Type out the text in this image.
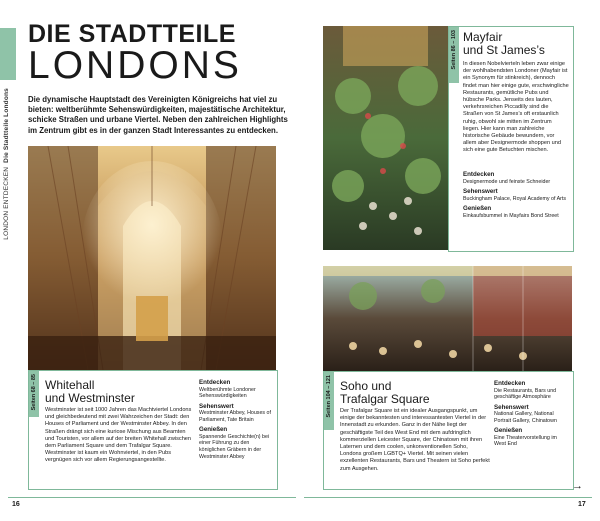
LONDON ENTDECKEN  Die Stadtteile Londons
DIE STADTTEILE
LONDONS
Die dynamische Hauptstadt des Vereinigten Königreichs hat viel zu bieten: weltberühmte Sehenswürdigkeiten, majestätische Architektur, schicke Straßen und urbane Viertel. Neben den zahlreichen Highlights im Zentrum gibt es in der ganzen Stadt Interessantes zu entdecken.
Seiten 68 – 85 Whitehall
und Westminster
Westminster ist seit 1000 Jahren das Machtviertel Londons und gleichbedeutend mit zwei Wahrzeichen der Stadt: den Houses of Parliament und der Westminster Abbey. In den Straßen drängt sich eine kuriose Mischung aus Beamten und Touristen, vor allem auf der breiten Whitehall zwischen dem Parliament Square und dem Trafalgar Square. Westminster ist kaum ein Wohnviertel, in den Pubs vergnügen sich vor allem Regierungsangestellte.
Entdecken

Weltberühmte Londoner Sehenswürdigkeiten

Sehenswert

Westminster Abbey, Houses of Parliament, Tate Britain

Genießen

Spannende Geschichte(n) bei einer Führung zu den königlichen Gräbern in der Westminster Abbey

16
Seiten 86 – 103 Mayfair
und St James’s
In diesen Nobelvierteln leben zwar einige der wohlhabendsten Londoner (Mayfair ist ein Synonym für stinkreich), dennoch findet man hier einige gute, erschwingliche Restaurants, gemütliche Pubs und hübsche Parks. Jenseits des lauten, verkehrsreichen Piccadilly sind die Straßen von St James’s oft erstaunlich ruhig, obwohl sie mitten im Zentrum liegen. Hier kann man zahlreiche historische Gebäude bewundern, vor allem aber Designermode shoppen und sich eine gute Betuchten mischen.
Entdecken

Designermode und feinste Schneider

Sehenswert

Buckingham Palace, Royal Academy of Arts

Genießen

Einkaufsbummel in Mayfairs Bond Street

Seiten 104 – 121 Soho und
Trafalgar Square
Der Trafalgar Square ist ein idealer Ausgangspunkt, um einige der bekanntesten und interessantesten Viertel in der Innenstadt zu erkunden. Ganz in der Nähe liegt der geschäftigste Teil des West End mit dem aufdringlich kommerziellen Leicester Square, der Chinatown mit ihren Laternen und dem coolen, unkonventionellen Soho, Londons großem LGBTQ+ Viertel. Mit seinen vielen exzellenten Restaurants, Bars und Theatern ist Soho perfekt zum Ausgehen.
Entdecken

Die Restaurants, Bars und geschäftige Atmosphäre

Sehenswert

National Gallery, National Portrait Gallery, Chinatown

Genießen

Eine Theatervorstellung im West End

→
17
